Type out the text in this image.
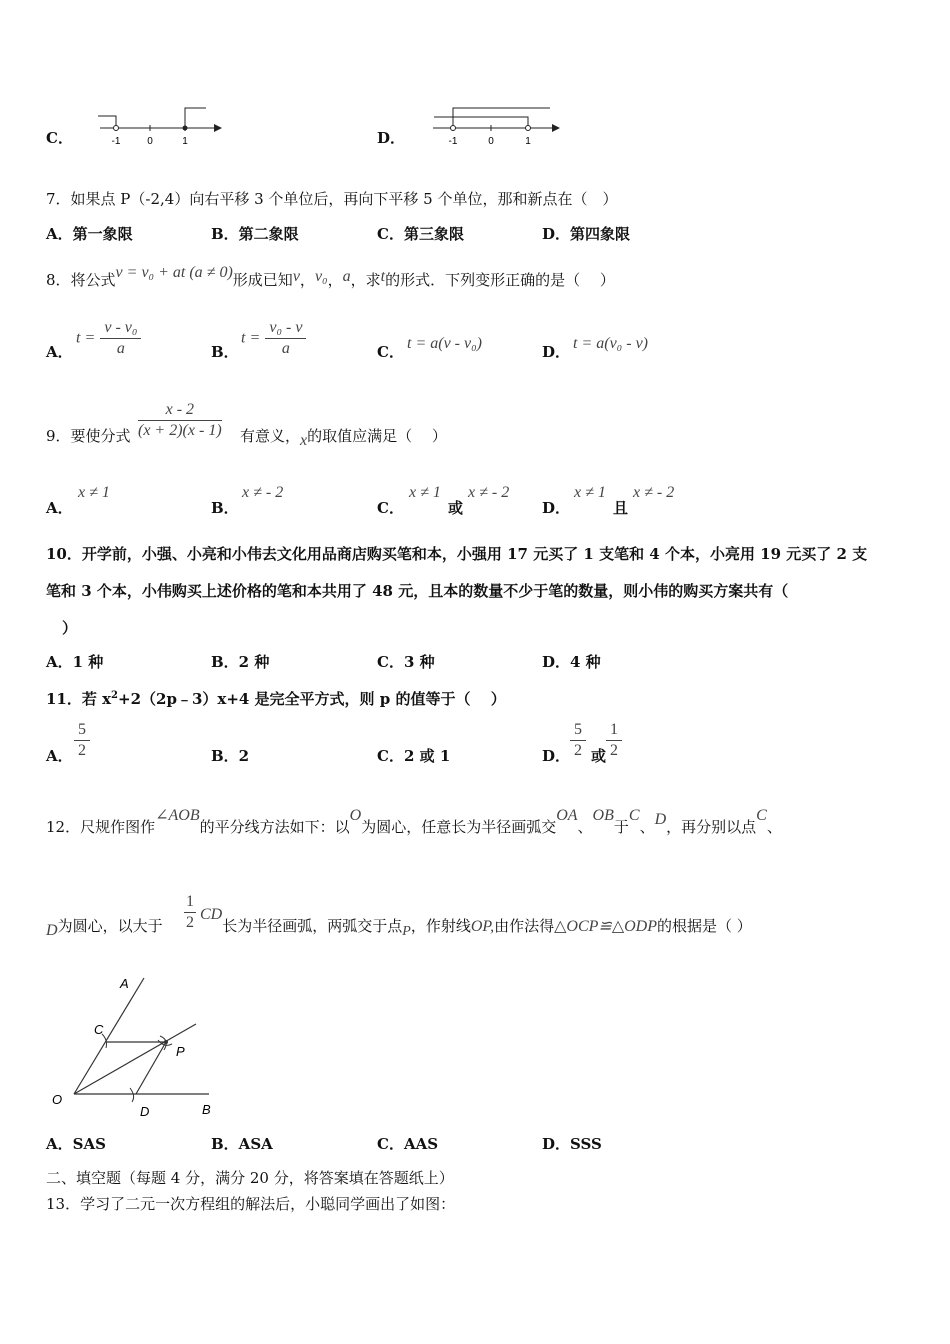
C．	-1	0	1	D．	-1	0	1
7．如果点 P（-2,4）向右平移 3 个单位后，再向下平移 5 个单位，那和新点在（　）
A．第一象限	B．第二象限	C．第三象限	D．第四象限
8．将公式v = v₀ + at (a ≠ 0)形成已知v，v₀，a，求t的形式．下列变形正确的是（　 ）
A．
$t = \frac{\text{v - v₀}}{a}$	B．
$t = \frac{\text{v₀ - v}}{a}$	C． t = a(v - v₀)	D． t = a(v₀ - v)
9．要使分式 $\frac{x - 2}{(x + 2)(x - 1)}$ 有意义，x的取值应满足（　 ）
A．
x ≠ 1
B．
x ≠ - 2
C．
x ≠ 1
或
x ≠ - 2
D．
x ≠ 1
且
x ≠ - 2
10．开学前，小强、小亮和小伟去文化用品商店购买笔和本，小强用 17 元买了 1 支笔和 4 个本，小亮用 19 元买了 2 支
笔和 3 个本，小伟购买上述价格的笔和本共用了 48 元，且本的数量不少于笔的数量，则小伟的购买方案共有（
）
A．1 种	B．2 种	C．3 种	D．4 种
11．若 $x^2+2(2p﹣3)x+4$ 是完全平方式，则 p 的值等于（　 ）
A． $\frac{5}{2}$	B．2	C．2 或 1	D． $\frac{5}{2}$ 或 $\frac{1}{2}$
12．尺规作图作∠AOB的平分线方法如下：以O为圆心，任意长为半径画弧交OA、OB于C、D，再分别以点C、
D为圆心，以大于 $\frac{1}{2}$ CD长为半径画弧，两弧交于点P，作射线OP,由作法得△OCP≌△ODP的根据是（ ）
A
C
P
O
D	B
A．SAS	B．ASA	C．AAS	D．SSS
二、填空题（每题 4 分，满分 20 分，将答案填在答题纸上）
13．学习了二元一次方程组的解法后，小聪同学画出了如图：
